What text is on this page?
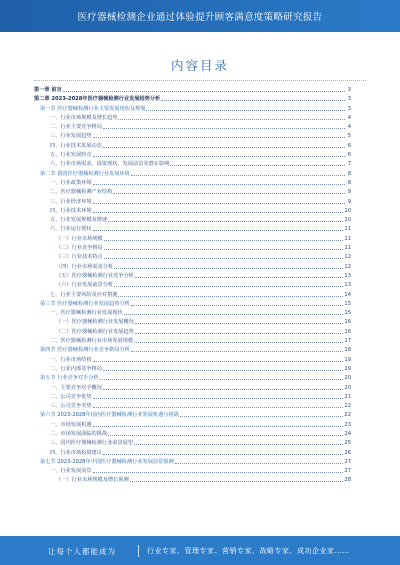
医疗器械检测企业通过体验提升顾客满意度策略研究报告
内容目录
第一章 前言	3
第二章 2023-2028年医疗器械检测行业发展趋势分析	3
第一节 医疗器械检测行业主要发展现状及规划	3
一、行业市场规模及增长趋势	4
二、行业主要竞争格局	4
三、行业发展趋势	5
四、行业技术发展动态	6
五、行业发展特点	6
六、行业市场需求、投资现状、发展前景及潜在影响	7
第二节 我国医疗器械检测行业发展环境	8
一、行业政策环境	8
二、医疗器械检测产业结构	9
三、行业经济环境	9
四、行业技术环境	10
五、行业发展规模及增速	10
六、行业运行现状	11
（一）行业市场规模	11
（二）行业竞争格局	11
（三）行业技术特点	12
（四）行业市场需求分析	12
（五）医疗器械检测行业竞争分析	13
（六）行业发展前景分析	13
七、行业主要风险及应对措施	14
第三节 医疗器械检测行业发展趋势分析	15
一、医疗器械检测行业发展现状	15
（一）医疗器械检测行业发展概况	16
（二）医疗器械检测行业发展趋势	16
二、医疗器械检测行业市场发展规模	17
第四节 医疗器械检测行业竞争格局分析	18
一、行业市场结构	19
二、行业内部竞争格局	19
第五节 行业竞争对手分析	20
一、主要竞争对手概况	20
二、公司竞争优势	21
三、公司竞争劣势	22
第六节 2023-2028年国内医疗器械检测行业发展机遇与挑战	22
一、市场发展机遇	23
二、市场发展面临的挑战	24
三、国内医疗器械检测行业前景展望	25
四、行业市场投资建议	26
第七节 2023-2028年中国医疗器械检测行业发展前景预测	27
一、行业发展前景	27
（一）行业市场规模及增长预测	28
让每个人都能成为	行业专家、管理专家、营销专家、战略专家、成功企业家……
